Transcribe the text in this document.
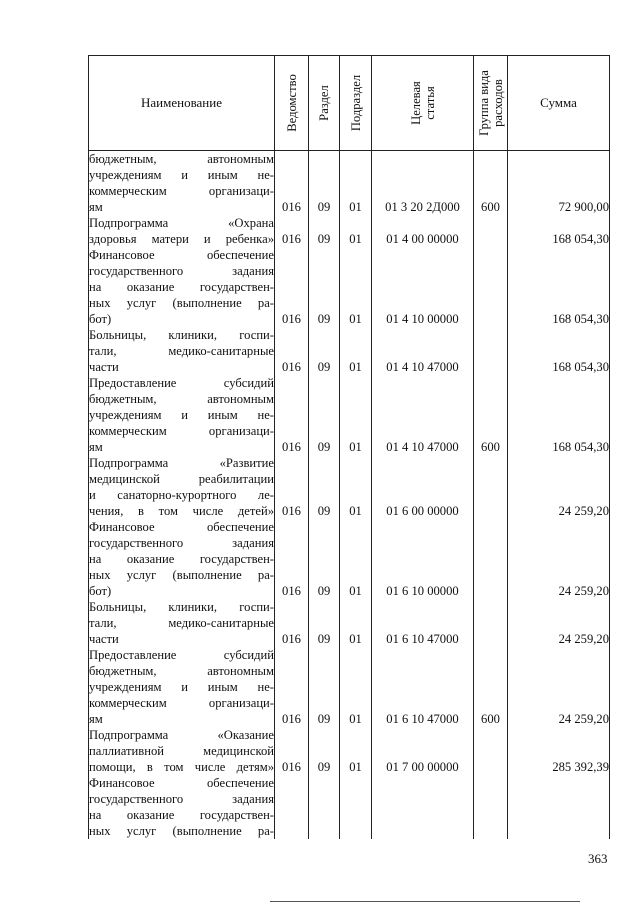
Наименование	Ведомство	Раздел	Подраздел	Целевая статья	Группа вида расходов	Сумма

бюджетным, автономным
учреждениям и иным не-
коммерческим организаци-
ям	016	09	01	01 3 20 2Д000	600	72 900,00

Подпрограмма «Охрана
здоровья матери и ребенка»	016	09	01	01 4 00 00000		168 054,30

Финансовое обеспечение
государственного задания
на оказание государствен-
ных услуг (выполнение ра-
бот)	016	09	01	01 4 10 00000		168 054,30

Больницы, клиники, госпи-
тали, медико-санитарные
части	016	09	01	01 4 10 47000		168 054,30

Предоставление субсидий
бюджетным, автономным
учреждениям и иным не-
коммерческим организаци-
ям	016	09	01	01 4 10 47000	600	168 054,30

Подпрограмма «Развитие
медицинской реабилитации
и санаторно-курортного ле-
чения, в том числе детей»	016	09	01	01 6 00 00000		24 259,20

Финансовое обеспечение
государственного задания
на оказание государствен-
ных услуг (выполнение ра-
бот)	016	09	01	01 6 10 00000		24 259,20

Больницы, клиники, госпи-
тали, медико-санитарные
части	016	09	01	01 6 10 47000		24 259,20

Предоставление субсидий
бюджетным, автономным
учреждениям и иным не-
коммерческим организаци-
ям	016	09	01	01 6 10 47000	600	24 259,20

Подпрограмма «Оказание
паллиативной медицинской
помощи, в том числе детям»	016	09	01	01 7 00 00000		285 392,39

Финансовое обеспечение
государственного задания
на оказание государствен-
ных услуг (выполнение ра-						

363
